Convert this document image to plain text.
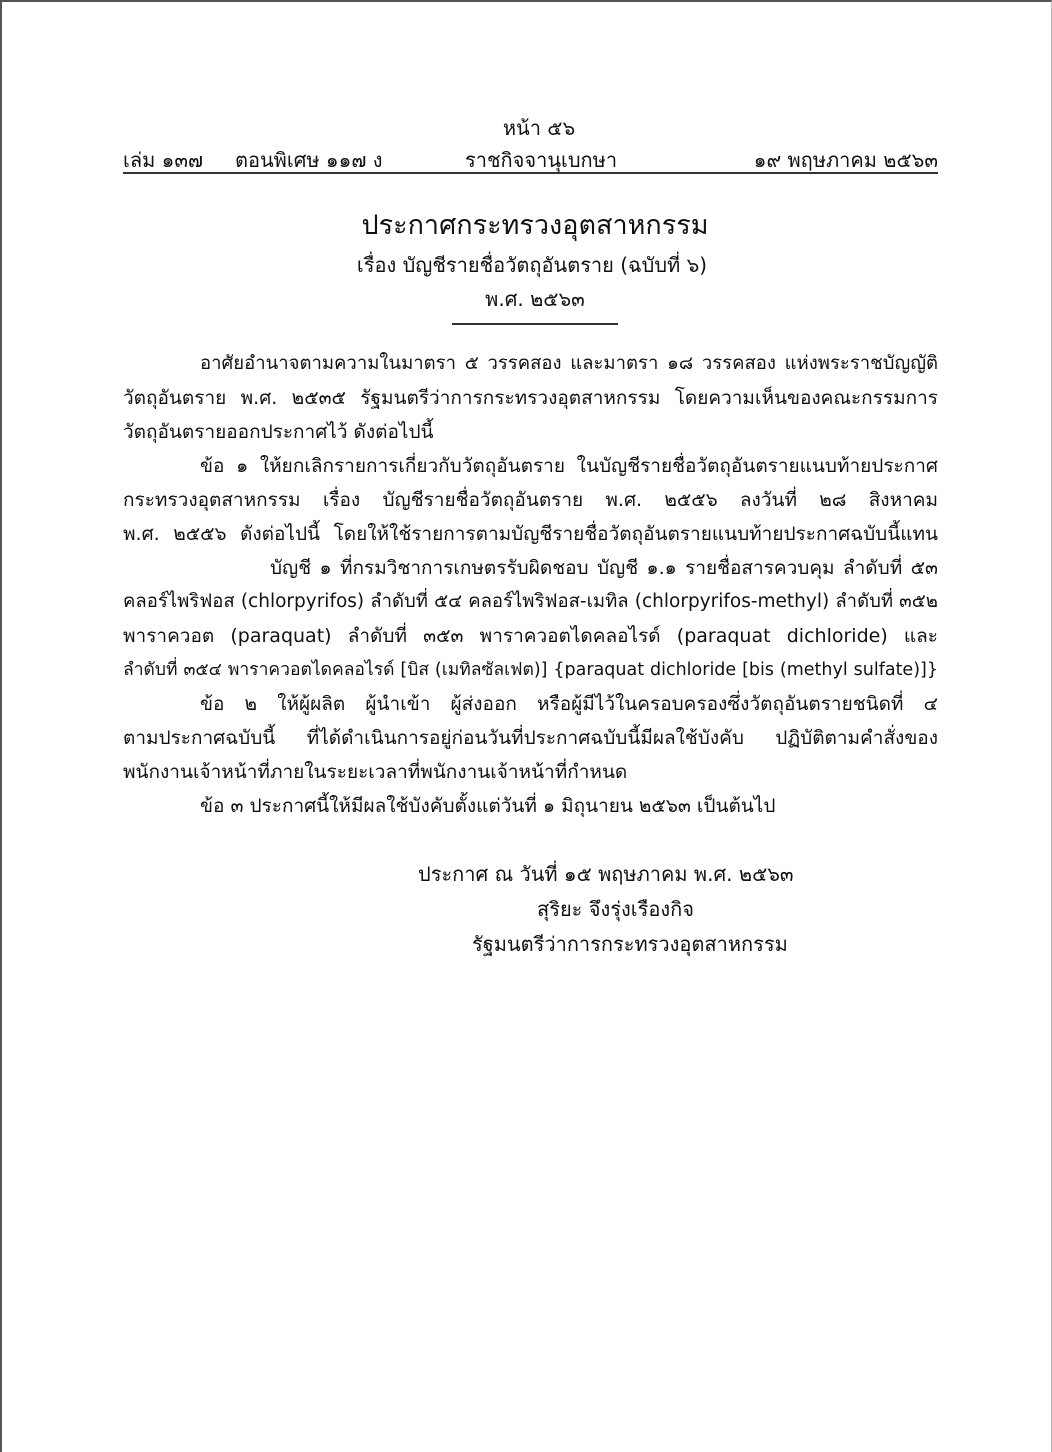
หน้า ๕๖
เล่ม ๑๓๗ ตอนพิเศษ ๑๑๗ ง	ราชกิจจานุเบกษา	๑๙ พฤษภาคม ๒๕๖๓
ประกาศกระทรวงอุตสาหกรรม
เรื่อง บัญชีรายชื่อวัตถุอันตราย (ฉบับที่ ๖)
พ.ศ. ๒๕๖๓
อาศัยอำนาจตามความในมาตรา ๕ วรรคสอง และมาตรา ๑๘ วรรคสอง แห่งพระราชบัญญัติ
วัตถุอันตราย พ.ศ. ๒๕๓๕ รัฐมนตรีว่าการกระทรวงอุตสาหกรรม โดยความเห็นของคณะกรรมการ
วัตถุอันตรายออกประกาศไว้ ดังต่อไปนี้
ข้อ ๑ ให้ยกเลิกรายการเกี่ยวกับวัตถุอันตราย ในบัญชีรายชื่อวัตถุอันตรายแนบท้ายประกาศ
กระทรวงอุตสาหกรรม เรื่อง บัญชีรายชื่อวัตถุอันตราย พ.ศ. ๒๕๕๖ ลงวันที่ ๒๘ สิงหาคม
พ.ศ. ๒๕๕๖ ดังต่อไปนี้ โดยให้ใช้รายการตามบัญชีรายชื่อวัตถุอันตรายแนบท้ายประกาศฉบับนี้แทน
บัญชี ๑ ที่กรมวิชาการเกษตรรับผิดชอบ บัญชี ๑.๑ รายชื่อสารควบคุม ลำดับที่ ๕๓
คลอร์ไพริฟอส (chlorpyrifos) ลำดับที่ ๕๔ คลอร์ไพริฟอส-เมทิล (chlorpyrifos-methyl) ลำดับที่ ๓๕๒
พาราควอต (paraquat) ลำดับที่ ๓๕๓ พาราควอตไดคลอไรด์ (paraquat dichloride) และ
ลำดับที่ ๓๕๔ พาราควอตไดคลอไรด์ [บิส (เมทิลซัลเฟต)] {paraquat dichloride [bis (methyl sulfate)]}
ข้อ ๒ ให้ผู้ผลิต ผู้นำเข้า ผู้ส่งออก หรือผู้มีไว้ในครอบครองซึ่งวัตถุอันตรายชนิดที่ ๔
ตามประกาศฉบับนี้ ที่ได้ดำเนินการอยู่ก่อนวันที่ประกาศฉบับนี้มีผลใช้บังคับ ปฏิบัติตามคำสั่งของ
พนักงานเจ้าหน้าที่ภายในระยะเวลาที่พนักงานเจ้าหน้าที่กำหนด
ข้อ ๓ ประกาศนี้ให้มีผลใช้บังคับตั้งแต่วันที่ ๑ มิถุนายน ๒๕๖๓ เป็นต้นไป
ประกาศ ณ วันที่ ๑๕ พฤษภาคม พ.ศ. ๒๕๖๓
สุริยะ จึงรุ่งเรืองกิจ
รัฐมนตรีว่าการกระทรวงอุตสาหกรรม
